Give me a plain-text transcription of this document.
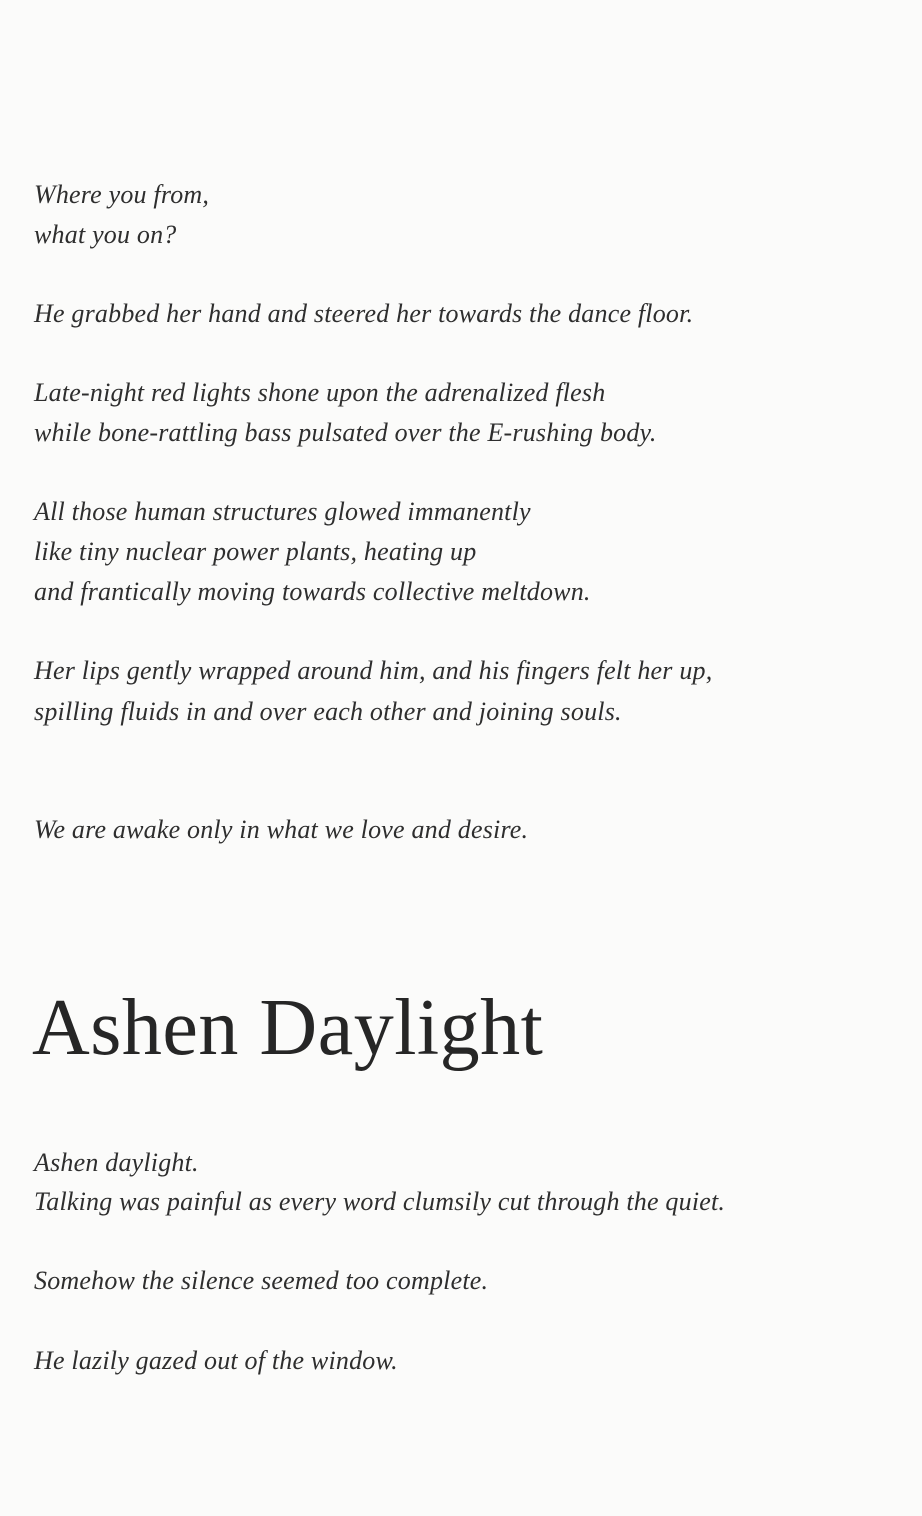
Where you from,
what you on?
He grabbed her hand and steered her towards the dance floor.
Late-night red lights shone upon the adrenalized flesh
while bone-rattling bass pulsated over the E-rushing body.
All those human structures glowed immanently
like tiny nuclear power plants, heating up
and frantically moving towards collective meltdown.
Her lips gently wrapped around him, and his fingers felt her up,
spilling fluids in and over each other and joining souls.
We are awake only in what we love and desire.
Ashen Daylight
Ashen daylight.
Talking was painful as every word clumsily cut through the quiet.
Somehow the silence seemed too complete.
He lazily gazed out of the window.
